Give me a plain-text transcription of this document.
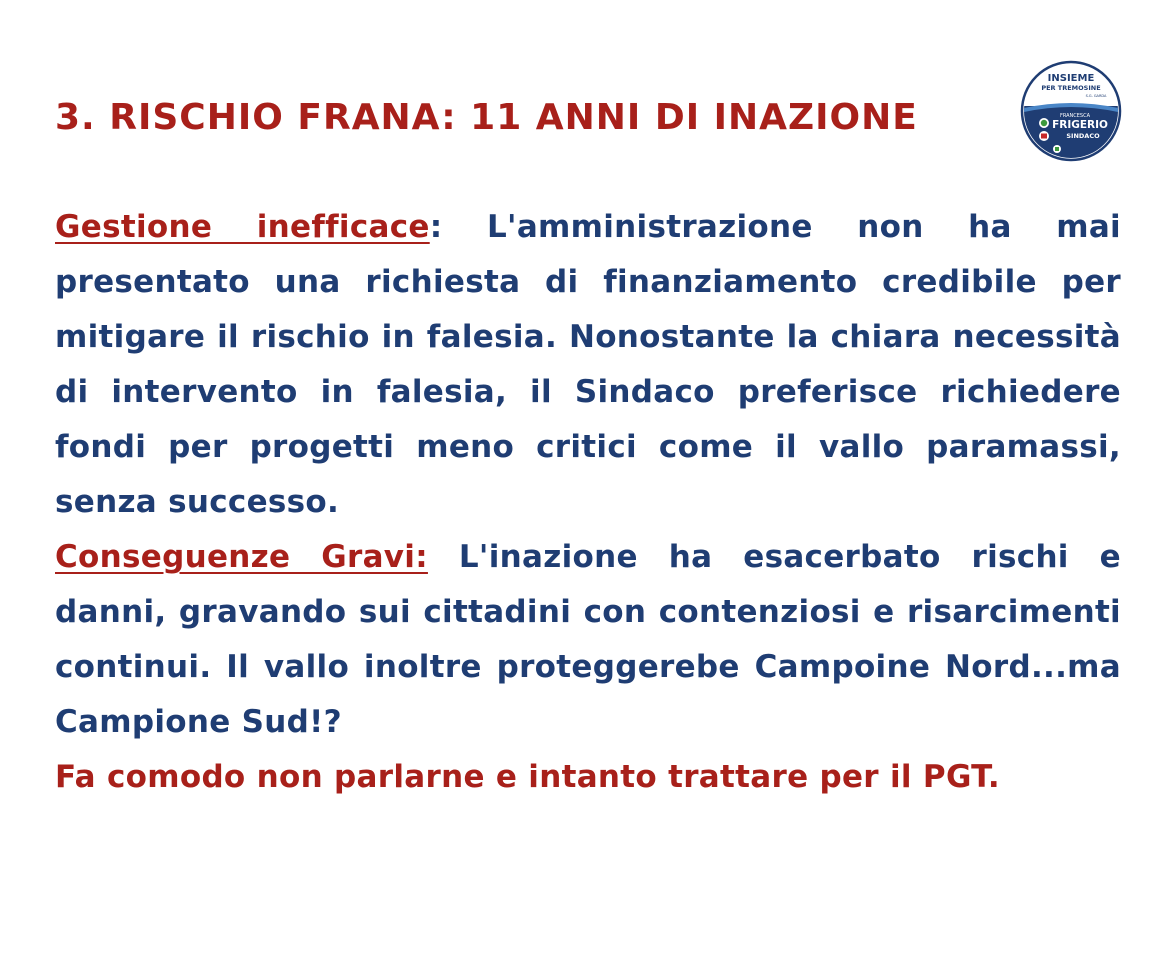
3. RISCHIO FRANA: 11 ANNI DI INAZIONE
INSIEME
PER TREMOSINE
S.G. GARDA
FRANCESCA
FRIGERIO
SINDACO

Gestione inefficace: L'amministrazione non ha mai presentato una richiesta di finanziamento credibile per mitigare il rischio in falesia. Nonostante la chiara necessità di intervento in falesia, il Sindaco preferisce richiedere fondi per progetti meno critici come il vallo paramassi, senza successo.

Conseguenze Gravi: L'inazione ha esacerbato rischi e danni, gravando sui cittadini con contenziosi e risarcimenti continui. Il vallo inoltre proteggerebe Campoine Nord...ma Campione Sud!?

Fa comodo non parlarne e intanto trattare per il PGT.
